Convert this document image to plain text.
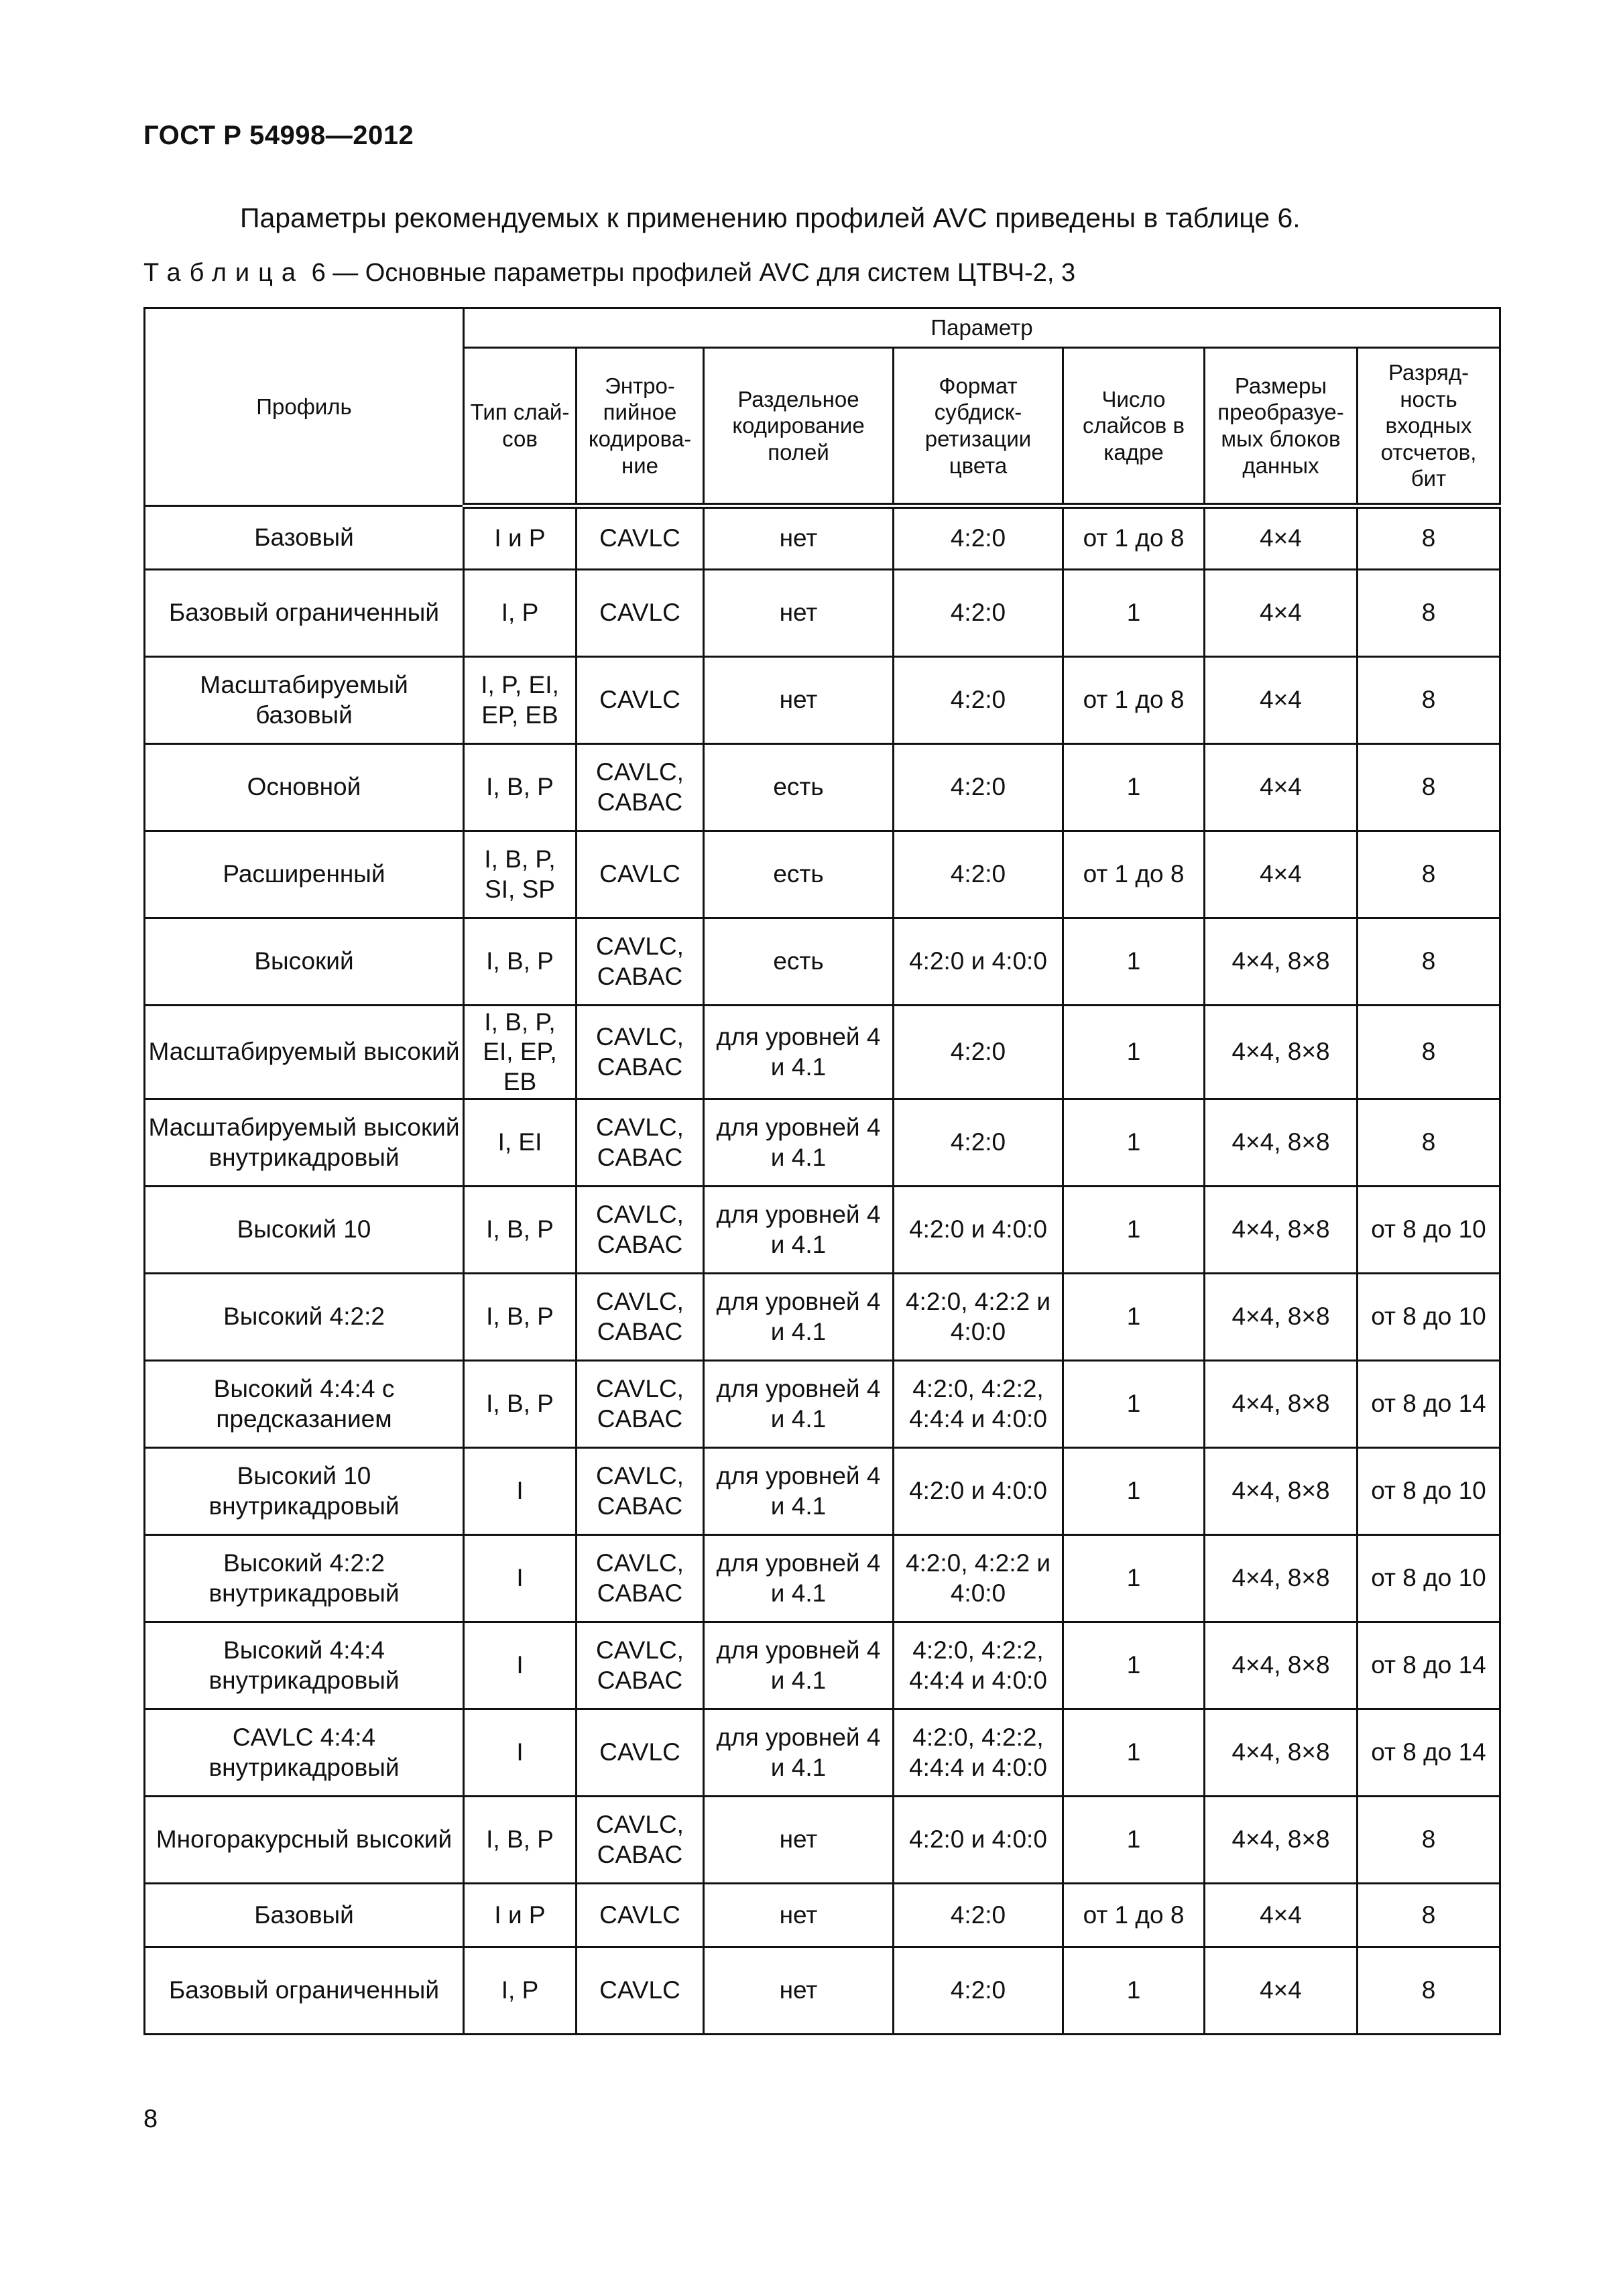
ГОСТ Р 54998—2012
Параметры рекомендуемых к применению профилей AVC приведены в таблице 6.
Таблица 6 — Основные параметры профилей AVC для систем ЦТВЧ-2, 3
Профиль	Параметр						
	Тип слай-сов	Энтро-пийное кодирова-ние	Раздельное кодирование полей	Формат субдиск-ретизации цвета	Число слайсов в кадре	Размеры преобразуе-мых блоков данных	Разряд-ность входных отсчетов, бит
Базовый	I и P	CAVLC	нет	4:2:0	от 1 до 8	4×4	8
Базовый ограниченный	I, P	CAVLC	нет	4:2:0	1	4×4	8
Масштабируемый базовый	I, P, EI, EP, EB	CAVLC	нет	4:2:0	от 1 до 8	4×4	8
Основной	I, B, P	CAVLC, CABAC	есть	4:2:0	1	4×4	8
Расширенный	I, B, P, SI, SP	CAVLC	есть	4:2:0	от 1 до 8	4×4	8
Высокий	I, B, P	CAVLC, CABAC	есть	4:2:0 и 4:0:0	1	4×4, 8×8	8
Масштабируемый высокий	I, B, P, EI, EP, EB	CAVLC, CABAC	для уровней 4 и 4.1	4:2:0	1	4×4, 8×8	8
Масштабируемый высокий внутрикадровый	I, EI	CAVLC, CABAC	для уровней 4 и 4.1	4:2:0	1	4×4, 8×8	8
Высокий 10	I, B, P	CAVLC, CABAC	для уровней 4 и 4.1	4:2:0 и 4:0:0	1	4×4, 8×8	от 8 до 10
Высокий 4:2:2	I, B, P	CAVLC, CABAC	для уровней 4 и 4.1	4:2:0, 4:2:2 и 4:0:0	1	4×4, 8×8	от 8 до 10
Высокий 4:4:4 с предсказанием	I, B, P	CAVLC, CABAC	для уровней 4 и 4.1	4:2:0, 4:2:2, 4:4:4 и 4:0:0	1	4×4, 8×8	от 8 до 14
Высокий 10 внутрикадровый	I	CAVLC, CABAC	для уровней 4 и 4.1	4:2:0 и 4:0:0	1	4×4, 8×8	от 8 до 10
Высокий 4:2:2 внутрикадровый	I	CAVLC, CABAC	для уровней 4 и 4.1	4:2:0, 4:2:2 и 4:0:0	1	4×4, 8×8	от 8 до 10
Высокий 4:4:4 внутрикадровый	I	CAVLC, CABAC	для уровней 4 и 4.1	4:2:0, 4:2:2, 4:4:4 и 4:0:0	1	4×4, 8×8	от 8 до 14
CAVLC 4:4:4 внутрикадровый	I	CAVLC	для уровней 4 и 4.1	4:2:0, 4:2:2, 4:4:4 и 4:0:0	1	4×4, 8×8	от 8 до 14
Многоракурсный высокий	I, B, P	CAVLC, CABAC	нет	4:2:0 и 4:0:0	1	4×4, 8×8	8
Базовый	I и P	CAVLC	нет	4:2:0	от 1 до 8	4×4	8
Базовый ограниченный	I, P	CAVLC	нет	4:2:0	1	4×4	8
8
